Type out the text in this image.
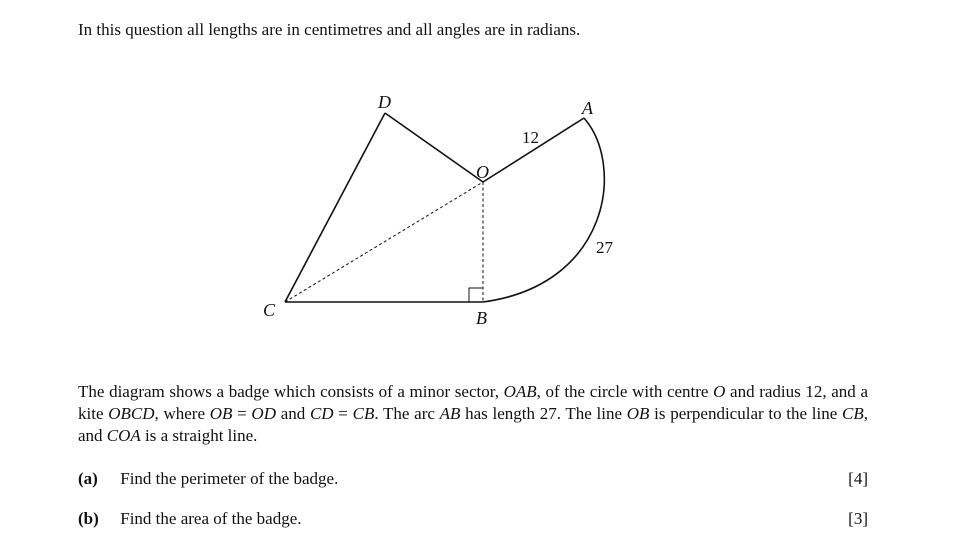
In this question all lengths are in centimetres and all angles are in radians.
D	A
O
C	B
12
27
The diagram shows a badge which consists of a minor sector, OAB, of the circle with centre O and radius 12, and a kite OBCD, where OB = OD and CD = CB. The arc AB has length 27. The line OB is perpendicular to the line CB, and COA is a straight line.
(a) Find the perimeter of the badge.	[4]
(b) Find the area of the badge.	[3]
